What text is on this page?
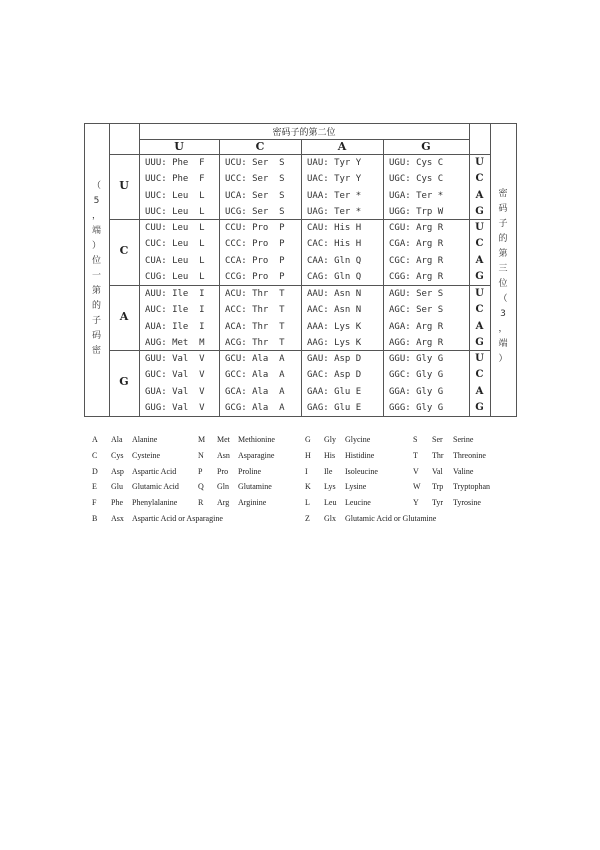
密码子的第二位
U	C	A	G
（
5
，
端
）
位
一
第
的
子
码
密
密
码
子
的
第
三
位
（
3
，
端
）
U
UUU: Phe  F UCU: Ser  S UAU: Tyr Y	UGU: Cys C	U
UUC: Phe  F UCC: Ser  S UAC: Tyr Y	UGC: Cys C	C
UUC: Leu  L UCA: Ser  S UAA: Ter *	UGA: Ter *	A
UUC: Leu  L UCG: Ser  S UAG: Ter *	UGG: Trp W	G
C
CUU: Leu  L CCU: Pro  P CAU: His H	CGU: Arg R	U
CUC: Leu  L CCC: Pro  P CAC: His H	CGA: Arg R	C
CUA: Leu  L CCA: Pro  P CAA: Gln Q	CGC: Arg R	A
CUG: Leu  L CCG: Pro  P CAG: Gln Q	CGG: Arg R	G
A
AUU: Ile  I ACU: Thr  T AAU: Asn N	AGU: Ser S	U
AUC: Ile  I ACC: Thr  T AAC: Asn N	AGC: Ser S	C
AUA: Ile  I ACA: Thr  T AAA: Lys K	AGA: Arg R	A
AUG: Met  M ACG: Thr  T AAG: Lys K	AGG: Arg R	G
G
GUU: Val  V GCU: Ala  A GAU: Asp D	GGU: Gly G	U
GUC: Val  V GCC: Ala  A GAC: Asp D	GGC: Gly G	C
GUA: Val  V GCA: Ala  A GAA: Glu E	GGA: Gly G	A
GUG: Val  V GCG: Ala  A GAG: Glu E	GGG: Gly G	G
A Ala Alanine	M Met Methionine	G Gly Glycine	S Ser Serine
C Cys Cysteine	N Asn Asparagine	H His Histidine	T Thr Threonine
D Asp Aspartic Acid	P Pro Proline	I Ile Isoleucine	V Val Valine
E Glu Glutamic Acid Q Gln Glutamine	K Lys Lysine	W Trp Tryptophan
F Phe Phenylalanine	R Arg Arginine	L Leu Leucine	Y Tyr Tyrosine
B Asx Aspartic Acid or Asparagine	Z Glx Glutamic Acid or Glutamine
